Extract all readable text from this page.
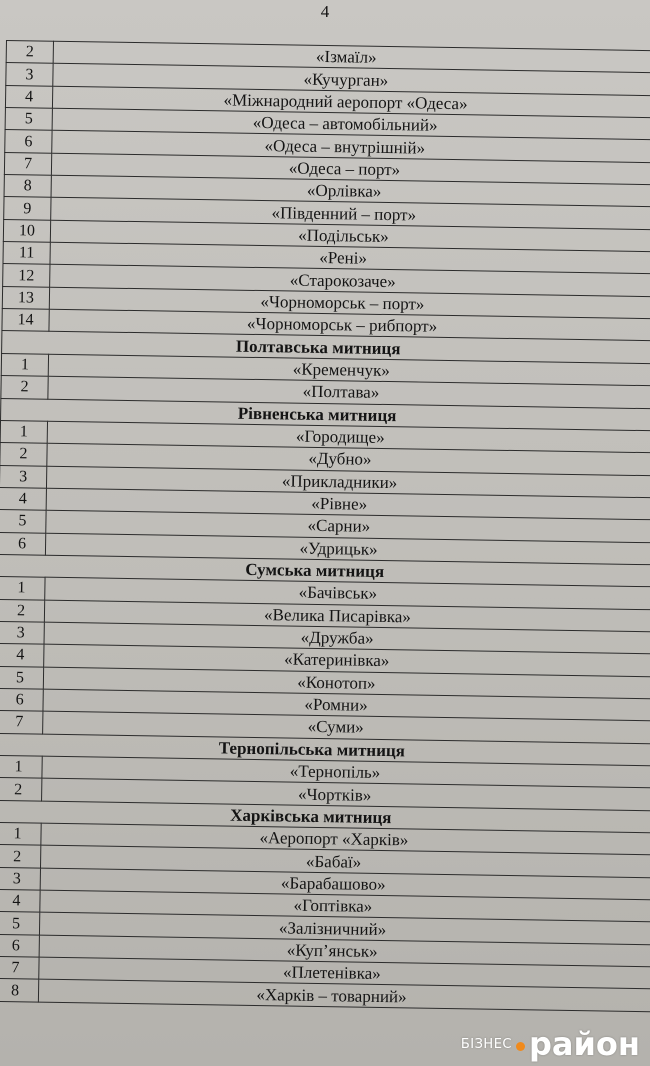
4
2	«Ізмаїл»
3	«Кучурган»
4	«Міжнародний аеропорт «Одеса»
5	«Одеса – автомобільний»
6	«Одеса – внутрішній»
7	«Одеса – порт»
8	«Орлівка»
9	«Південний – порт»
10	«Подільськ»
11	«Рені»
12	«Старокозаче»
13	«Чорноморськ – порт»
14	«Чорноморськ – рибпорт»
Полтавська митниця	
1	«Кременчук»
2	«Полтава»
Рівненська митниця	
1	«Городище»
2	«Дубно»
3	«Прикладники»
4	«Рівне»
5	«Сарни»
6	«Удрицьк»
Сумська митниця	
1	«Бачівськ»
2	«Велика Писарівка»
3	«Дружба»
4	«Катеринівка»
5	«Конотоп»
6	«Ромни»
7	«Суми»
Тернопільська митниця	
1	«Тернопіль»
2	«Чортків»
Харківська митниця	
1	«Аеропорт «Харків»
2	«Бабаї»
3	«Барабашово»
4	«Гоптівка»
5	«Залізничний»
6	«Куп’янськ»
7	«Плетенівка»
8	«Харків – товарний»
БІЗНЕС район
